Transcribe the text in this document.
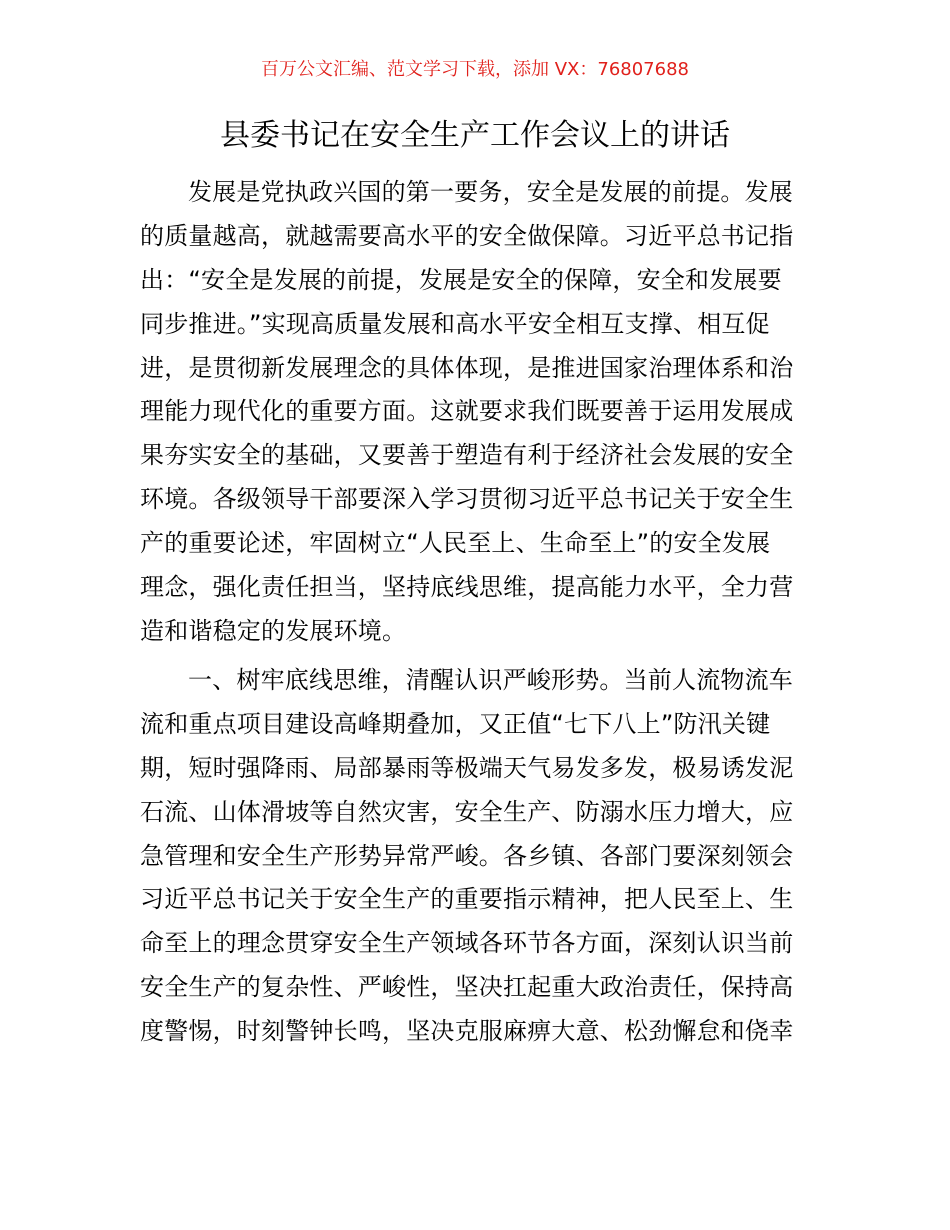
百万公文汇编、范文学习下载，添加 VX：76807688
县委书记在安全生产工作会议上的讲话
发展是党执政兴国的第一要务，安全是发展的前提。发展
的质量越高，就越需要高水平的安全做保障。习近平总书记指
出：“安全是发展的前提，发展是安全的保障，安全和发展要
同步推进。”实现高质量发展和高水平安全相互支撑、相互促
进，是贯彻新发展理念的具体体现，是推进国家治理体系和治
理能力现代化的重要方面。这就要求我们既要善于运用发展成
果夯实安全的基础，又要善于塑造有利于经济社会发展的安全
环境。各级领导干部要深入学习贯彻习近平总书记关于安全生
产的重要论述，牢固树立“人民至上、生命至上”的安全发展
理念，强化责任担当，坚持底线思维，提高能力水平，全力营
造和谐稳定的发展环境。
一、树牢底线思维，清醒认识严峻形势。当前人流物流车
流和重点项目建设高峰期叠加，又正值“七下八上”防汛关键
期，短时强降雨、局部暴雨等极端天气易发多发，极易诱发泥
石流、山体滑坡等自然灾害，安全生产、防溺水压力增大，应
急管理和安全生产形势异常严峻。各乡镇、各部门要深刻领会
习近平总书记关于安全生产的重要指示精神，把人民至上、生
命至上的理念贯穿安全生产领域各环节各方面，深刻认识当前
安全生产的复杂性、严峻性，坚决扛起重大政治责任，保持高
度警惕，时刻警钟长鸣，坚决克服麻痹大意、松劲懈怠和侥幸
